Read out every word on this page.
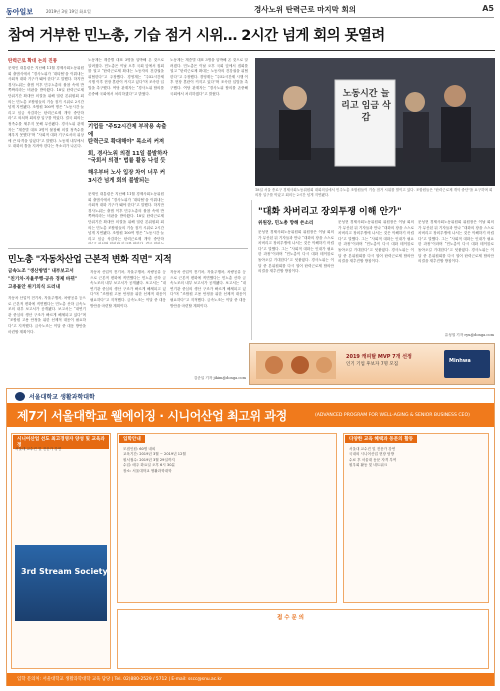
동아일보	2019년 3월 19일 화요일	경사노위 탄력근로 마지막 회의	A5
참여 거부한 민노총, 기습 점거 시위… 2시간 넘게 회의 못열려
탄력근로 확대 논의 진통
문재인 대통령은 지난해 11월 경제사회노동위원회 출범식에서 “경사노위가 ‘대타협’을 이뤄내는 사회적 대화 기구가 돼야 한다”고 말했다. 하지만 경사노위는 출범 이후 민주노총의 불참 속에 반쪽짜리라는 비판을 받아왔다. 18일 탄력근로제 단위기간 확대안 의결을 위해 열린 본위원회 회의는 민노총 조합원들의 기습 점거 시위로 2시간 넘게 지연됐다. 조합원 100여 명은 “노동시간 늘리고 임금 삭감하는 탄력근로제 개악 중단하라”고 외치며 회의장 입구를 막았다. 결국 회의는 정족수를 채우지 못해 무산됐다. 경사노위 관계자는 “계층별 대표 3명이 불참해 의결 정족수를 채우지 못했다”며 “사회적 대화 기구로서의 위상에 큰 타격을 입었다”고 말했다. 노동계 내부에서도 대화의 틀을 지켜야 한다는 목소리가 나온다.
노동계는 계층별 대표 3명을 압박해 온 것으로 알려졌다. 민노총은 이날 오후 국회 앞에서 집회를 열고 “탄력근로제 확대는 노동자의 건강권을 위협한다”고 주장했다. 경영계는 “주52시간제 시행 이후 현장 혼란이 커지고 있다”며 조속한 입법을 촉구했다. 여당 관계자는 “경사노위 합의를 존중해 국회에서 처리하겠다”고 밝혔다.
기업들 "주52시간제 부작용 속출에
탄력근로 확대해야" 목소리 커져
회, 경사노위 의결 11일 불발하자
"국회서 의결" 법률 활동 나설 듯
해우부터 노사 입장 차이 너무 커
3시간 넘게 회의 불발되는
문재인 대통령은 지난해 11월 경제사회노동위원회 출범식에서 “경사노위가 ‘대타협’을 이뤄내는 사회적 대화 기구가 돼야 한다”고 말했다. 하지만 경사노위는 출범 이후 민주노총의 불참 속에 반쪽짜리라는 비판을 받아왔다. 18일 탄력근로제 단위기간 확대안 의결을 위해 열린 본위원회 회의는 민노총 조합원들의 기습 점거 시위로 2시간 넘게 지연됐다. 조합원 100여 명은 “노동시간 늘리고 임금 삭감하는 탄력근로제 개악 중단하
노동계는 계층별 대표 3명을 압박해 온 것으로 알려졌다. 민노총은 이날 오후 국회 앞에서 집회를 열고 “탄력근로제 확대는 노동자의 건강권을 위협한다”고 주장했다. 경영계는 “주52시간제 시행 이후 현장 혼란이 커지고 있다”며 조속한 입법을 촉구했다. 여당 관계자는 “경사노위 합의를 존중해 국회에서 처리하겠다”고 밝혔다.	노동시간 늘리고 임금 삭감
18일 서울 종로구 경제사회노동위원회 대회의실에서 민주노총 조합원들이 기습 점거 시위를 벌이고 있다. 조합원들은 "탄력근로제 개악 중단"을 요구하며 회의장 입구를 막았고 회의는 2시간 넘게 지연됐다.
민노총 "자동차산업 근본적 변화 직면" 지적
금속노조 "생산방법" 내부보고서
"친기차·자율주행·공유 경제 바뀌"
고용불안 위기의식 드러내
자동차 산업이 전기차, 자율주행차, 차량공유 등으로 근본적 변화에 직면했다는 민노총 산하 금속노조의 내부 보고서가 공개됐다. 보고서는 “내연기관 중심의 생산 구조가 빠르게 해체되고 있다”며 “조합원 고용 안정을 위한 선제적 대응이 필요하다”고 지적했다. 금속노조는 이달 중 대응 방안을 마련할 계획이다.
자동차 산업이 전기차, 자율주행차, 차량공유 등으로 근본적 변화에 직면했다는 민노총 산하 금속노조의 내부 보고서가 공개됐다. 보고서는 “내연기관 중심의 생산 구조가 빠르게 해체되고 있다”며 “조합원 고용 안정을 위한 선제적 대응이 필요하다”고 지적했다. 금속노조는 이달 중 대응 방안을 마련할 계획이다.
자동차 산업이 전기차, 자율주행차, 차량공유 등으로 근본적 변화에 직면했다는 민노총 산하 금속노조의 내부 보고서가 공개됐다. 보고서는 “내연기관 중심의 생산 구조가 빠르게 해체되고 있다”며 “조합원 고용 안정을 위한 선제적 대응이 필요하다”고 지적했다. 금속노조는 이달 중 대응 방안을 마련할 계획이다.
김준일 기자 jikim@donga.com
"대화 차버리고 장외투쟁 이해 안가"
위원장, 민노총 향해 쓴소리
문성현 경제사회노동위원회 위원장은 이날 회의가 무산된 뒤 기자들과 만나 “대화의 장을 스스로 차버리고 장외투쟁에 나서는 것은 이해하기 어렵다”고 말했다. 그는 “사회적 대화는 인내가 필요한 과정”이라며 “민노총이 다시 대화 테이블로 돌아오길 기대한다”고 덧붙였다. 경사노위는 이달 중 본위원회를 다시 열어 탄력근로제 합의안 의결을 재추진할 방침이다.
문성현 경제사회노동위원회 위원장은 이날 회의가 무산된 뒤 기자들과 만나 “대화의 장을 스스로 차버리고 장외투쟁에 나서는 것은 이해하기 어렵다”고 말했다. 그는 “사회적 대화는 인내가 필요한 과정”이라며 “민노총이 다시 대화 테이블로 돌아오길 기대한다”고 덧붙였다. 경사노위는 이달 중 본위원회를 다시 열어 탄력근로제 합의안 의결을 재추진할 방침이다.
문성현 경제사회노동위원회 위원장은 이날 회의가 무산된 뒤 기자들과 만나 “대화의 장을 스스로 차버리고 장외투쟁에 나서는 것은 이해하기 어렵다”고 말했다. 그는 “사회적 대화는 인내가 필요한 과정”이라며 “민노총이 다시 대화 테이블로 돌아오길 기대한다”고 덧붙였다. 경사노위는 이달 중 본위원회를 다시 열어 탄력근로제 합의안 의결을 재추진할 방침이다.
유성열 기자 ryu@donga.com
2019 캐피탈 MVP 7개 선정
인기 기업 후보자 7명 모집
Minhwa
서울대학교 생활과학대학
제7기 서울대학교 웰에이징 · 시니어산업 최고위 과정	(ADVANCED PROGRAM FOR WELL-AGING & SENIOR BUSINESS CEO)
시니어산업 선도 최고경영자 양성 및 교육과정
서울대 교수진 및 전문가 강연
3rd Stream Society
입학안내
모집인원: 60명 내외
교육기간: 2019년 3월 ~ 2019년 12월
원서접수: 2019년 3월 29일까지
수업: 매주 화요일 오후 6시 30분
장소: 서울대학교 생활과학대학
다양한 교육 혜택과 동문의 활동
서울대 교수진 및 전문가 강연
국내외 시니어산업 현장 탐방
수료 후 서울대 동문 자격 부여
원우회 활동 및 네트워크
접 수 문 의
입학 문의처: 서울대학교 생활과학대학 교육 담당 | Tel. 02)880-2529 / 5712 | E-mail: sscc@snu.ac.kr
